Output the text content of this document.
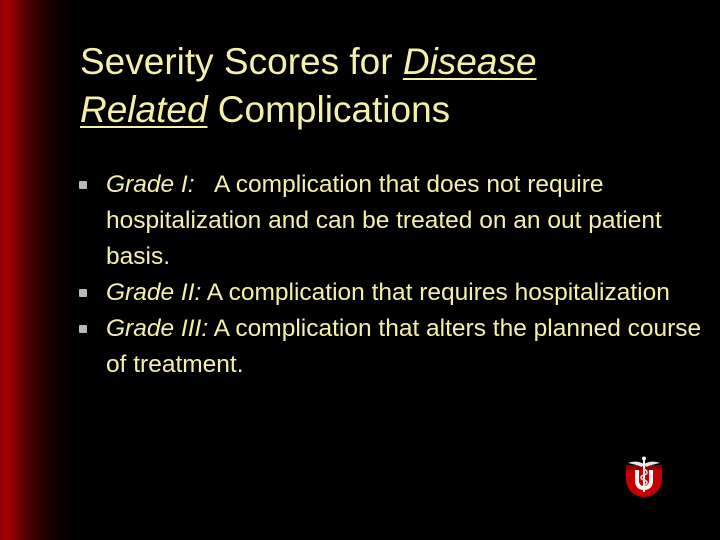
Severity Scores for Disease
Related Complications
Grade I: A complication that does not require hospitalization and can be treated on an out patient basis.
Grade II: A complication that requires hospitalization
Grade III: A complication that alters the planned course of treatment.
